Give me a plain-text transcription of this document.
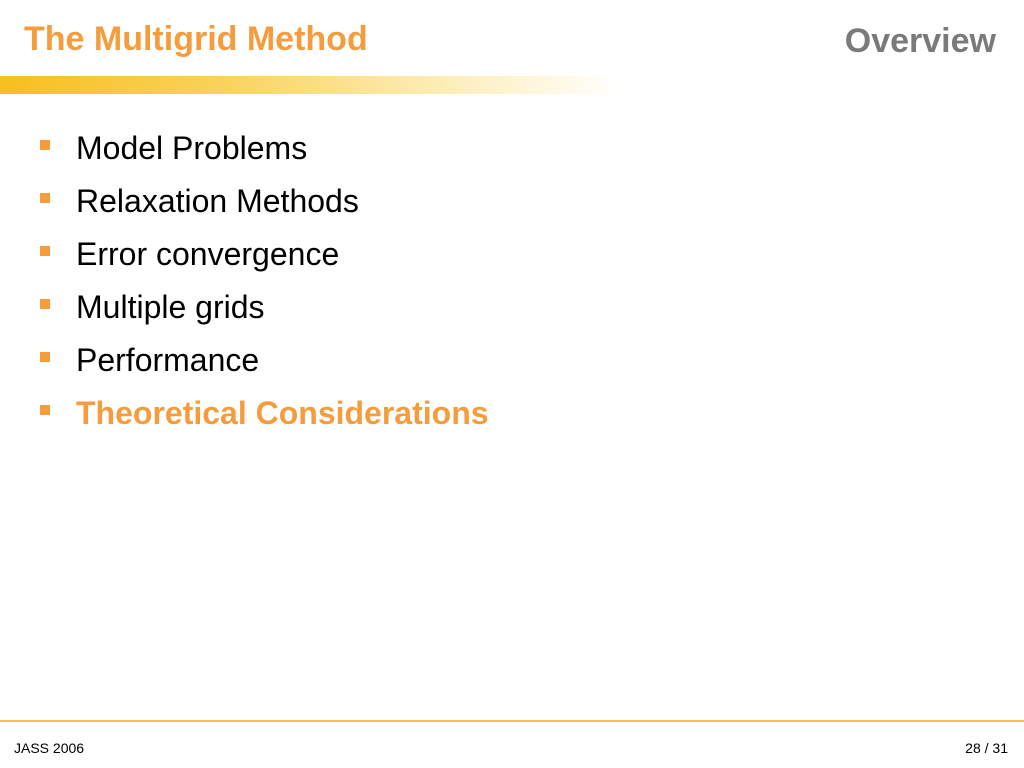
The Multigrid Method	Overview
Model Problems
Relaxation Methods
Error convergence
Multiple grids
Performance
Theoretical Considerations
JASS 2006	28 / 31
